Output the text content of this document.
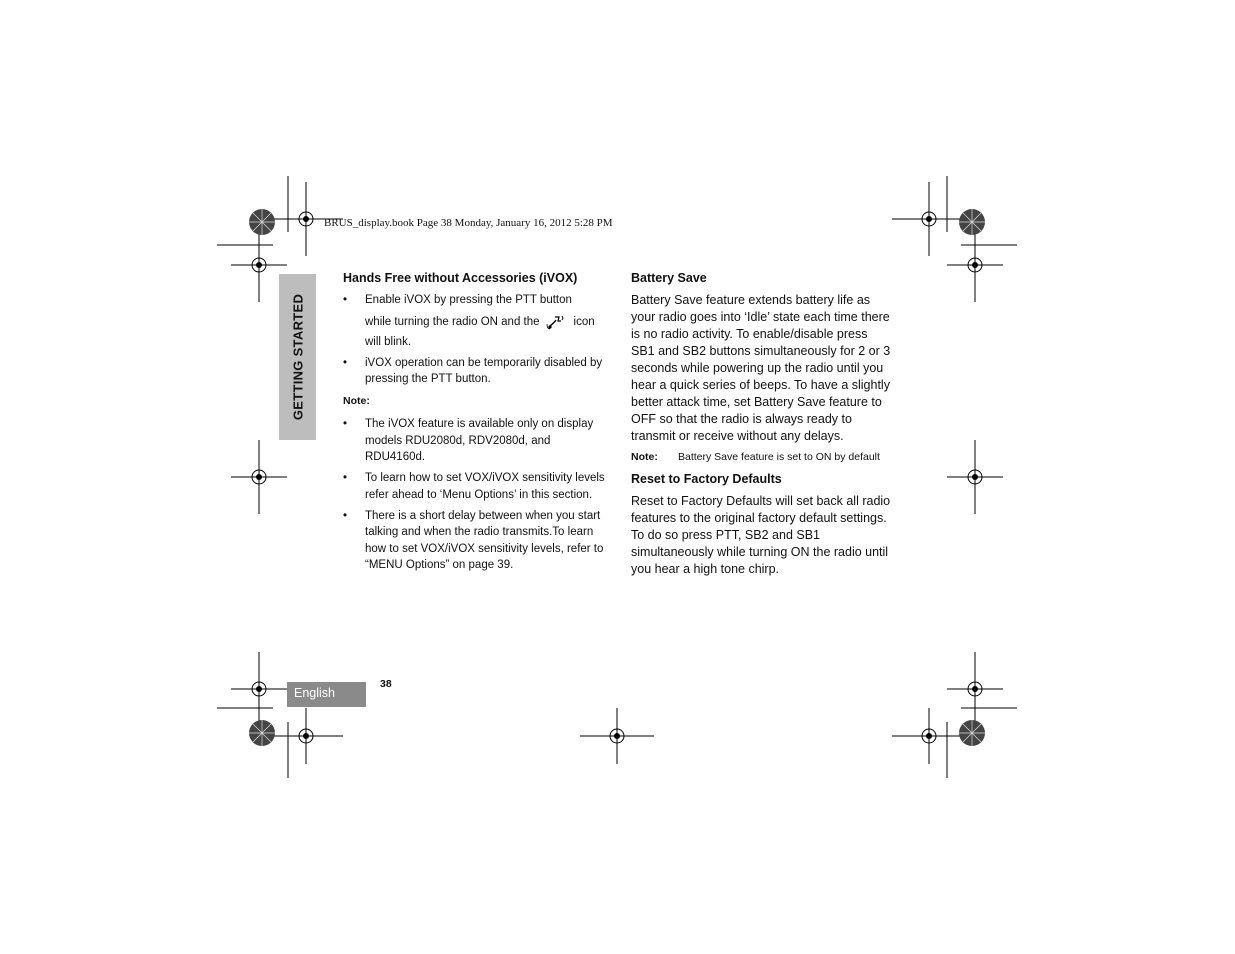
BRUS_display.book Page 38 Monday, January 16, 2012 5:28 PM
GETTING STARTED
Hands Free without Accessories (iVOX)
• Enable iVOX by pressing the PTT button
while turning the radio ON and the	icon
will blink.
• iVOX operation can be temporarily disabled by pressing the PTT button.
Note:
• The iVOX feature is available only on display models RDU2080d, RDV2080d, and RDU4160d.
• To learn how to set VOX/iVOX sensitivity levels refer ahead to ‘Menu Options’ in this section.
• There is a short delay between when you start talking and when the radio transmits.To learn how to set VOX/iVOX sensitivity levels, refer to “MENU Options” on page 39.
Battery Save

Battery Save feature extends battery life as your radio goes into ‘Idle’ state each time there is no radio activity. To enable/disable press SB1 and SB2 buttons simultaneously for 2 or 3 seconds while powering up the radio until you hear a quick series of beeps. To have a slightly better attack time, set Battery Save feature to OFF so that the radio is always ready to transmit or receive without any delays.

Note:	Battery Save feature is set to ON by default
Reset to Factory Defaults

Reset to Factory Defaults will set back all radio features to the original factory default settings. To do so press PTT, SB2 and SB1 simultaneously while turning ON the radio until you hear a high tone chirp.

English
38
